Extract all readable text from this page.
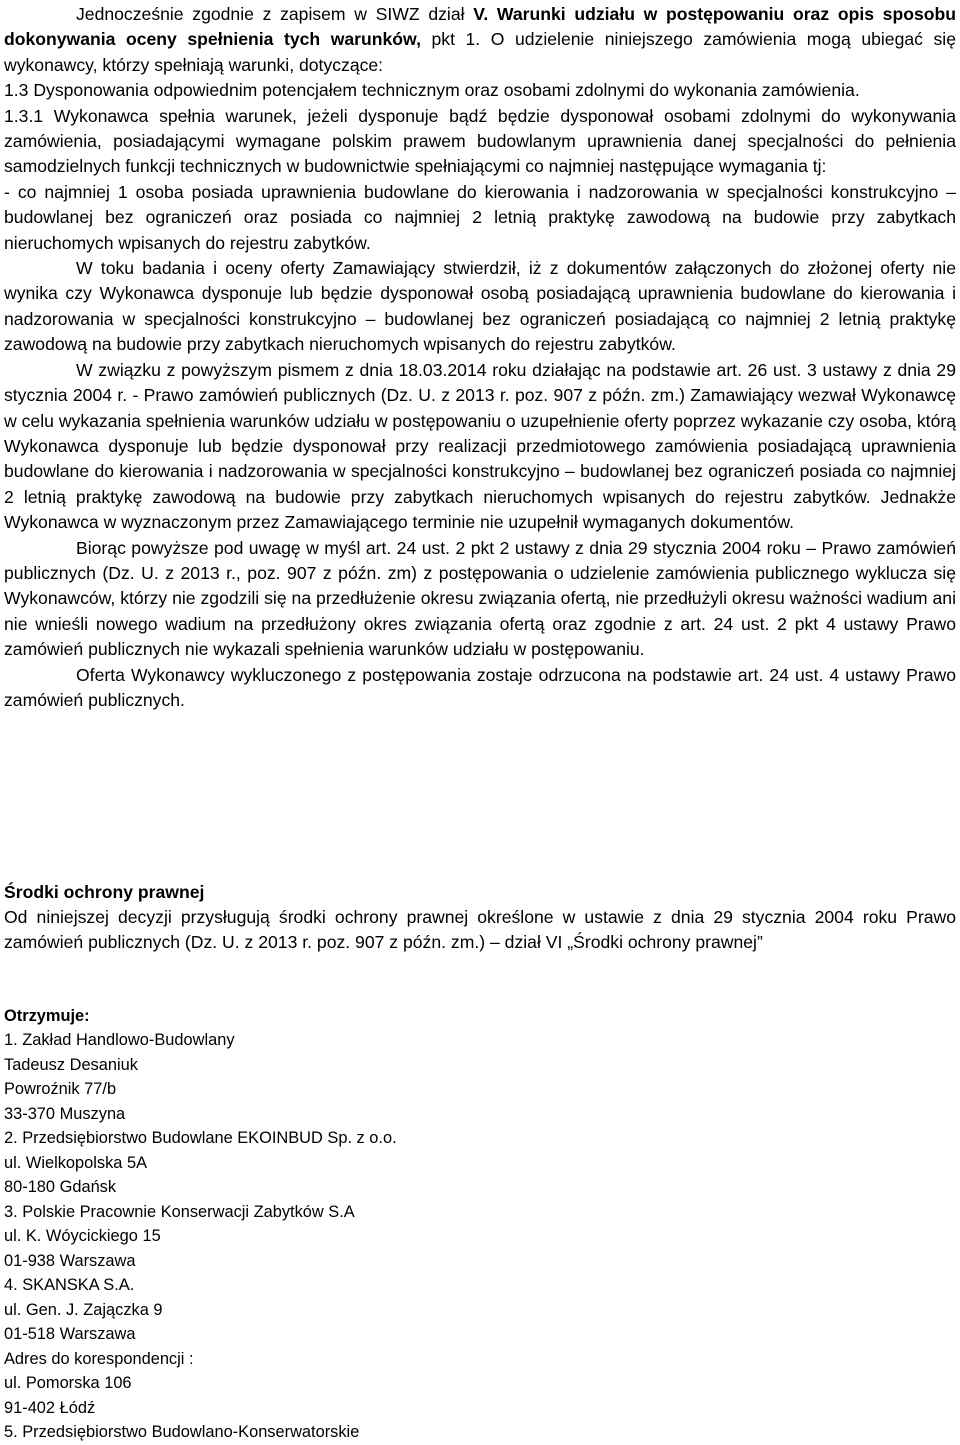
Jednocześnie zgodnie z zapisem w SIWZ dział V. Warunki udziału w postępowaniu oraz opis sposobu dokonywania oceny spełnienia tych warunków, pkt 1. O udzielenie niniejszego zamówienia mogą ubiegać się wykonawcy, którzy spełniają warunki, dotyczące:

1.3 Dysponowania odpowiednim potencjałem technicznym oraz osobami zdolnymi do wykonania zamówienia.

1.3.1 Wykonawca spełnia warunek, jeżeli dysponuje bądź będzie dysponował osobami zdolnymi do wykonywania zamówienia, posiadającymi wymagane polskim prawem budowlanym uprawnienia danej specjalności do pełnienia samodzielnych funkcji technicznych w budownictwie spełniającymi co najmniej następujące wymagania tj:

- co najmniej 1 osoba posiada uprawnienia budowlane do kierowania i nadzorowania w specjalności konstrukcyjno – budowlanej bez ograniczeń oraz posiada co najmniej 2 letnią praktykę zawodową na budowie przy zabytkach nieruchomych wpisanych do rejestru zabytków.

W toku badania i oceny oferty Zamawiający stwierdził, iż z dokumentów załączonych do złożonej oferty nie wynika czy Wykonawca dysponuje lub będzie dysponował osobą posiadającą uprawnienia budowlane do kierowania i nadzorowania w specjalności konstrukcyjno – budowlanej bez ograniczeń posiadającą co najmniej 2 letnią praktykę zawodową na budowie przy zabytkach nieruchomych wpisanych do rejestru zabytków.

W związku z powyższym pismem z dnia 18.03.2014 roku działając na podstawie art. 26 ust. 3 ustawy z dnia 29 stycznia 2004 r. - Prawo zamówień publicznych (Dz. U. z 2013 r. poz. 907 z późn. zm.) Zamawiający wezwał Wykonawcę w celu wykazania spełnienia warunków udziału w postępowaniu o uzupełnienie oferty poprzez wykazanie czy osoba, którą Wykonawca dysponuje lub będzie dysponował przy realizacji przedmiotowego zamówienia posiadającą uprawnienia budowlane do kierowania i nadzorowania w specjalności konstrukcyjno – budowlanej bez ograniczeń posiada co najmniej 2 letnią praktykę zawodową na budowie przy zabytkach nieruchomych wpisanych do rejestru zabytków. Jednakże Wykonawca w wyznaczonym przez Zamawiającego terminie nie uzupełnił wymaganych dokumentów.

Biorąc powyższe pod uwagę w myśl art. 24 ust. 2 pkt 2 ustawy z dnia 29 stycznia 2004 roku – Prawo zamówień publicznych (Dz. U. z 2013 r., poz. 907 z późn. zm) z postępowania o udzielenie zamówienia publicznego wyklucza się Wykonawców, którzy nie zgodzili się na przedłużenie okresu związania ofertą, nie przedłużyli okresu ważności wadium ani nie wnieśli nowego wadium na przedłużony okres związania ofertą oraz zgodnie z art. 24 ust. 2 pkt 4 ustawy Prawo zamówień publicznych nie wykazali spełnienia warunków udziału w postępowaniu.

Oferta Wykonawcy wykluczonego z postępowania zostaje odrzucona na podstawie art. 24 ust. 4 ustawy Prawo zamówień publicznych.

Środki ochrony prawnej

Od niniejszej decyzji przysługują środki ochrony prawnej określone w ustawie z dnia 29 stycznia 2004 roku Prawo zamówień publicznych (Dz. U. z 2013 r. poz. 907 z późn. zm.) – dział VI „Środki ochrony prawnej”

Otrzymuje:

1. Zakład Handlowo-Budowlany

Tadeusz Desaniuk

Powroźnik 77/b

33-370 Muszyna

2. Przedsiębiorstwo Budowlane EKOINBUD Sp. z o.o.

ul. Wielkopolska 5A

80-180 Gdańsk

3. Polskie Pracownie Konserwacji Zabytków S.A

ul. K. Wóycickiego 15

01-938 Warszawa

4. SKANSKA S.A.

ul. Gen. J. Zajączka 9

01-518 Warszawa

Adres do korespondencji :

ul. Pomorska 106

91-402 Łódź

5. Przedsiębiorstwo Budowlano-Konserwatorskie
